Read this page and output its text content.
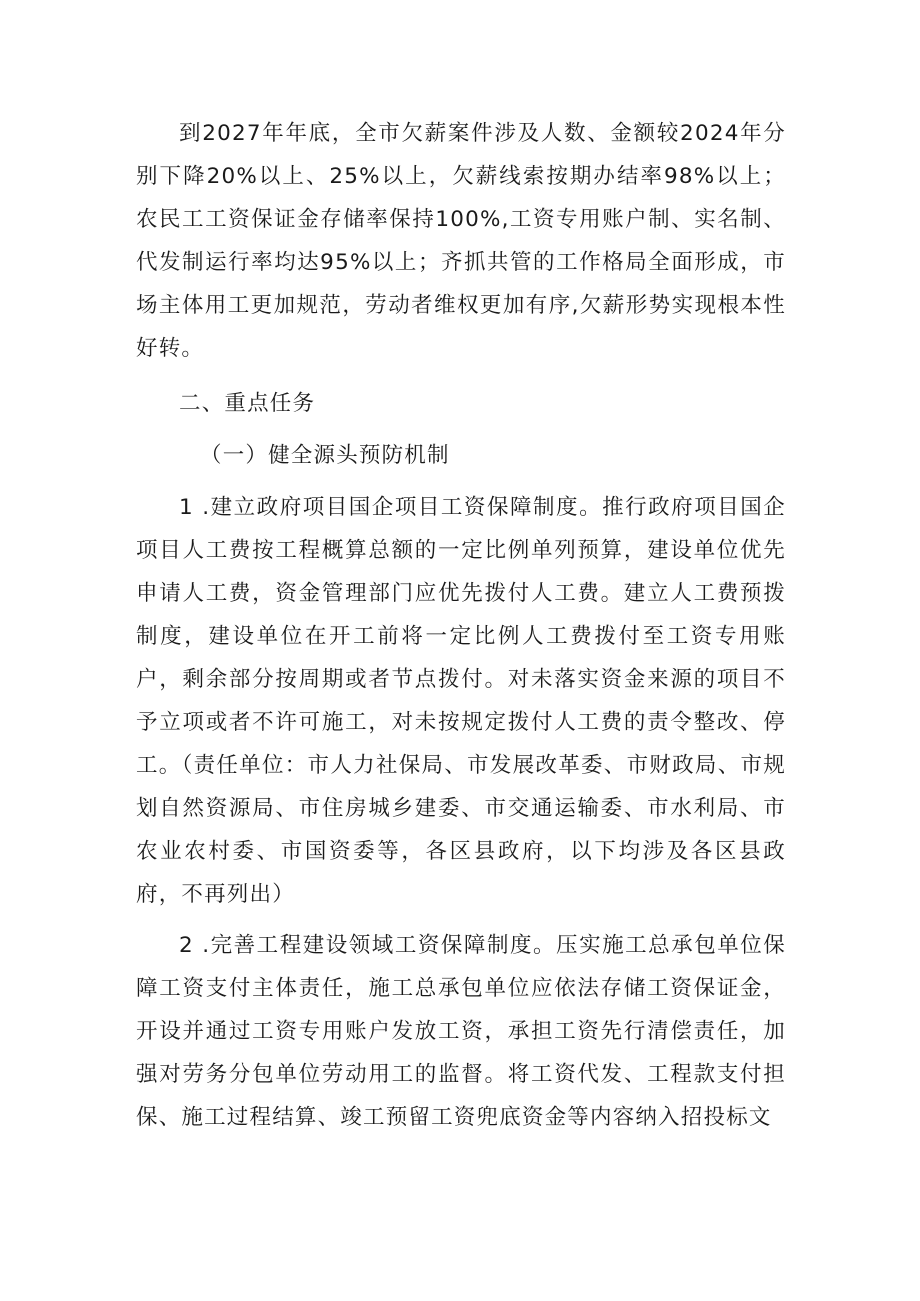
到2027年年底，全市欠薪案件涉及人数、金额较2024年分别下降20%以上、25%以上，欠薪线索按期办结率98%以上；农民工工资保证金存储率保持100%,工资专用账户制、实名制、代发制运行率均达95%以上；齐抓共管的工作格局全面形成，市场主体用工更加规范，劳动者维权更加有序,欠薪形势实现根本性好转。

二、重点任务

（一）健全源头预防机制

1 .建立政府项目国企项目工资保障制度。推行政府项目国企项目人工费按工程概算总额的一定比例单列预算，建设单位优先申请人工费，资金管理部门应优先拨付人工费。建立人工费预拨制度，建设单位在开工前将一定比例人工费拨付至工资专用账户，剩余部分按周期或者节点拨付。对未落实资金来源的项目不予立项或者不许可施工，对未按规定拨付人工费的责令整改、停工。（责任单位：市人力社保局、市发展改革委、市财政局、市规划自然资源局、市住房城乡建委、市交通运输委、市水利局、市农业农村委、市国资委等，各区县政府，以下均涉及各区县政府，不再列出）

2 .完善工程建设领域工资保障制度。压实施工总承包单位保障工资支付主体责任，施工总承包单位应依法存储工资保证金，开设并通过工资专用账户发放工资，承担工资先行清偿责任，加强对劳务分包单位劳动用工的监督。将工资代发、工程款支付担保、施工过程结算、竣工预留工资兜底资金等内容纳入招投标文
